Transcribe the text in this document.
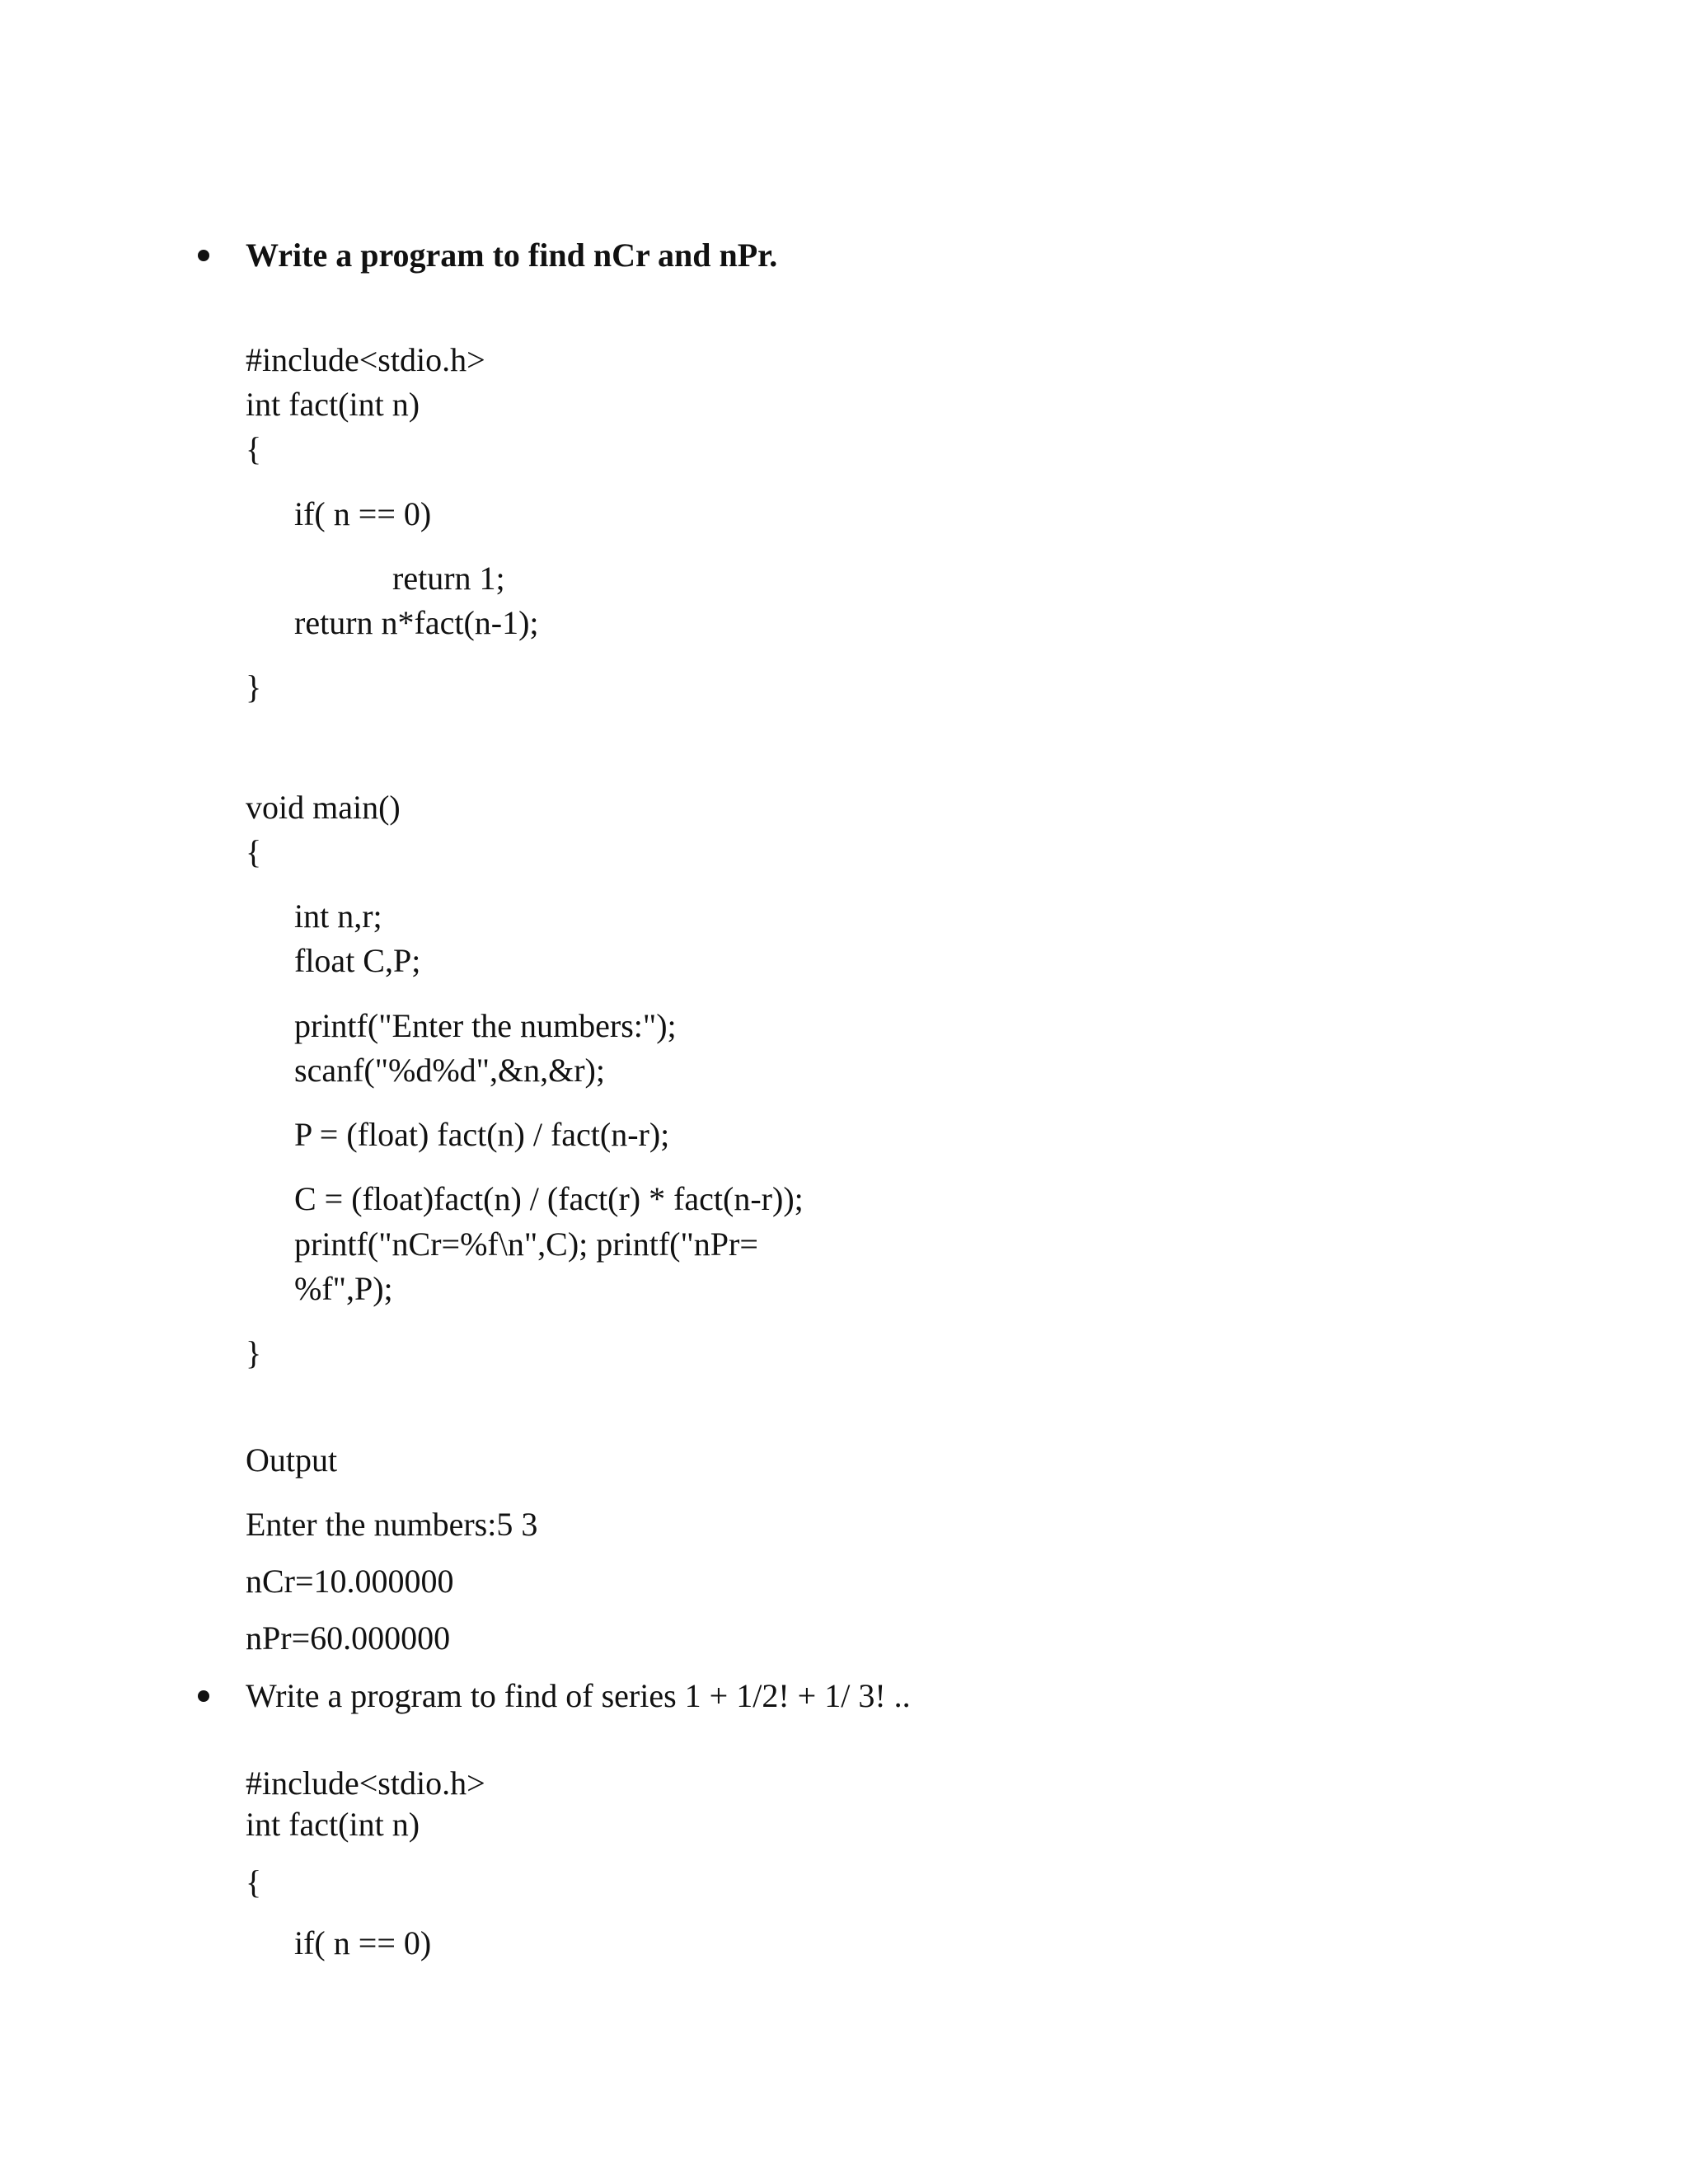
Write a program to find nCr and nPr.
#include<stdio.h>
int fact(int n)
{
if( n == 0)
return 1;
return n*fact(n-1);
}
void main()
{
int n,r;
float C,P;
printf("Enter the numbers:");
scanf("%d%d",&n,&r);
P = (float) fact(n) / fact(n-r);
C = (float)fact(n) / (fact(r) * fact(n-r));
printf("nCr=%f\n",C); printf("nPr=
%f",P);
}
Output
Enter the numbers:5 3
nCr=10.000000
nPr=60.000000
Write a program to find of series 1 + 1/2! + 1/ 3! ..
#include<stdio.h>
int fact(int n)
{
if( n == 0)
